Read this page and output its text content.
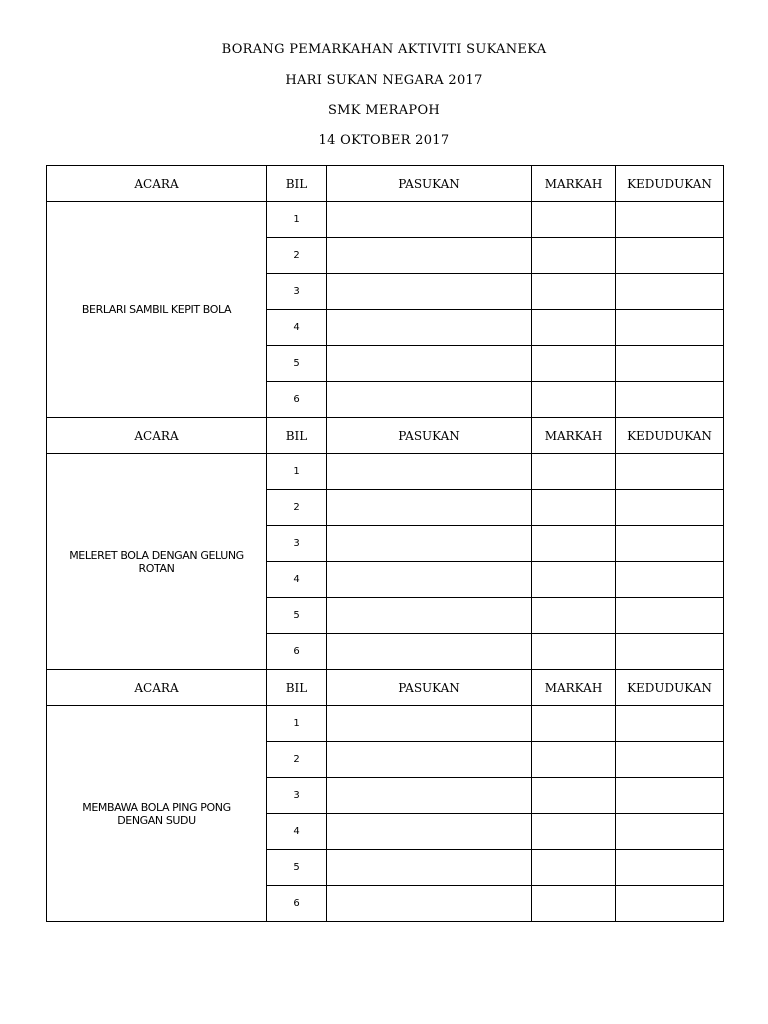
BORANG PEMARKAHAN AKTIVITI SUKANEKA
HARI SUKAN NEGARA 2017
SMK MERAPOH
14 OKTOBER 2017
ACARA	BIL	PASUKAN	MARKAH	KEDUDUKAN
BERLARI SAMBIL KEPIT BOLA	1			
	2			
	3			
	4			
	5			
	6			
ACARA	BIL	PASUKAN	MARKAH	KEDUDUKAN
MELERET BOLA DENGAN GELUNG ROTAN	1			
	2			
	3			
	4			
	5			
	6			
ACARA	BIL	PASUKAN	MARKAH	KEDUDUKAN
MEMBAWA BOLA PING PONG DENGAN SUDU	1			
	2			
	3			
	4			
	5			
	6			
